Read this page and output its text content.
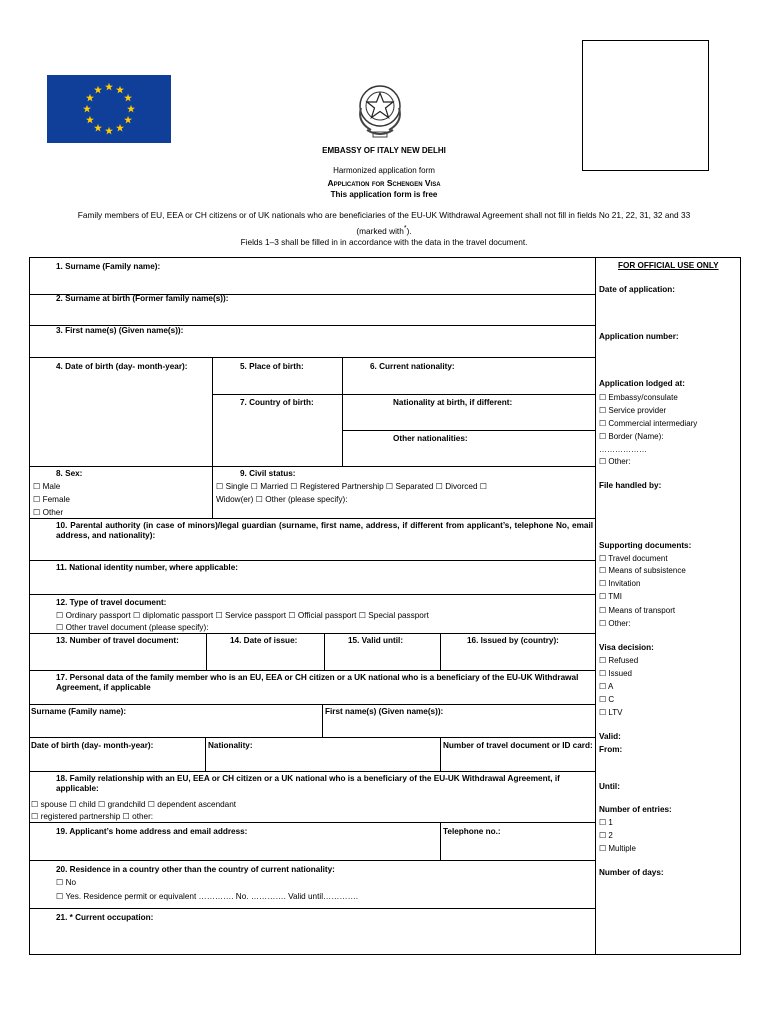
EMBASSY OF ITALY NEW DELHI
Harmonized application form
Application for Schengen Visa
This application form is free
Family members of EU, EEA or CH citizens or of UK nationals who are beneficiaries of the EU-UK Withdrawal Agreement shall not fill in fields No 21, 22, 31, 32 and 33
(marked with*).
Fields 1–3 shall be filled in in accordance with the data in the travel document.
1. Surname (Family name):
2. Surname at birth (Former family name(s)):
3. First name(s) (Given name(s)):
4. Date of birth (day- month-year):	5. Place of birth:	6. Current nationality:
7. Country of birth:	Nationality at birth, if different:
Other nationalities:
8. Sex:
☐ Male
☐ Female
☐ Other
9. Civil status:
☐ Single ☐ Married ☐ Registered Partnership ☐ Separated ☐ Divorced ☐
Widow(er) ☐ Other (please specify):
10. Parental authority (in case of minors)/legal guardian (surname, first name, address, if different from applicant’s, telephone No, email address, and nationality):
11. National identity number, where applicable:
12. Type of travel document:
☐ Ordinary passport ☐ diplomatic passport ☐ Service passport ☐ Official passport ☐ Special passport
☐ Other travel document (please specify):
13. Number of travel document:	14. Date of issue:	15. Valid until:	16. Issued by (country):
17. Personal data of the family member who is an EU, EEA or CH citizen or a UK national who is a beneficiary of the EU-UK Withdrawal Agreement, if applicable
Surname (Family name):	First name(s) (Given name(s)):
Date of birth (day- month-year):	Nationality:	Number of travel document or ID card:
18. Family relationship with an EU, EEA or CH citizen or a UK national who is a beneficiary of the EU-UK Withdrawal Agreement, if applicable:
☐ spouse ☐ child ☐ grandchild ☐ dependent ascendant
☐ registered partnership ☐ other:
19. Applicant’s home address and email address:	Telephone no.:
20. Residence in a country other than the country of current nationality:
☐ No
☐ Yes. Residence permit or equivalent …………. No. …………. Valid until………….
21. * Current occupation:
FOR OFFICIAL USE ONLY
Date of application:
Application number:
Application lodged at:
☐ Embassy/consulate
☐ Service provider
☐ Commercial intermediary
☐ Border (Name):
………………
☐ Other:
File handled by:
Supporting documents:
☐ Travel document
☐ Means of subsistence
☐ Invitation
☐ TMI
☐ Means of transport
☐ Other:
Visa decision:
☐ Refused
☐ Issued
☐ A
☐ C
☐ LTV
Valid:
From:
Until:
Number of entries:
☐ 1
☐ 2
☐ Multiple
Number of days:
